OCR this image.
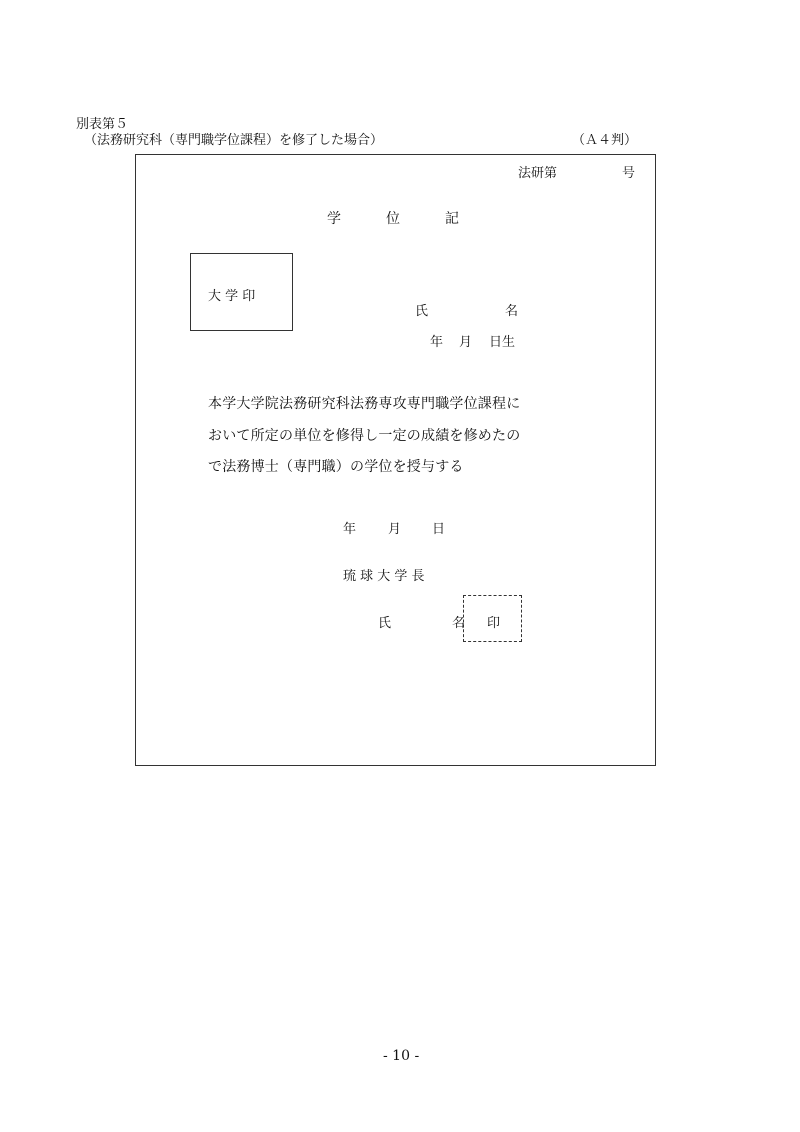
別表第５
（法務研究科（専門職学位課程）を修了した場合）	（Ａ４判）
法研第	号
学	位	記
大 学 印
氏	名
年 月 日生
本学大学院法務研究科法務専攻専門職学位課程に
おいて所定の単位を修得し一定の成績を修めたの
で法務博士（専門職）の学位を授与する
年 月 日
琉 球 大 学 長
氏	名 印
- 10 -
